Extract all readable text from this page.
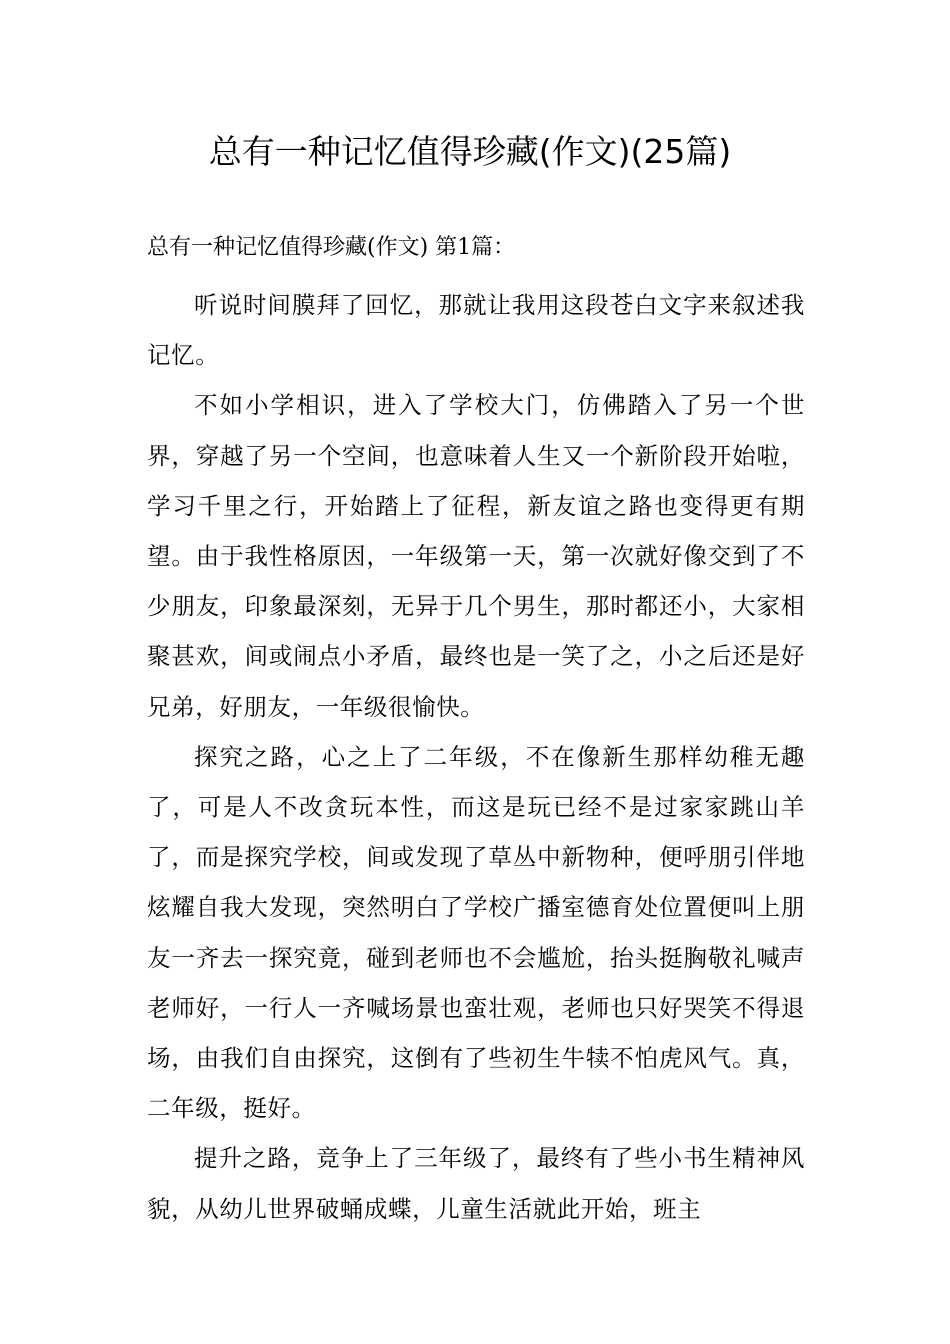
总有一种记忆值得珍藏(作文)(25篇)
总有一种记忆值得珍藏(作文) 第1篇：

听说时间膜拜了回忆，那就让我用这段苍白文字来叙述我记忆。

不如小学相识，进入了学校大门，仿佛踏入了另一个世界，穿越了另一个空间，也意味着人生又一个新阶段开始啦，学习千里之行，开始踏上了征程，新友谊之路也变得更有期望。由于我性格原因，一年级第一天，第一次就好像交到了不少朋友，印象最深刻，无异于几个男生，那时都还小，大家相聚甚欢，间或闹点小矛盾，最终也是一笑了之，小之后还是好兄弟，好朋友，一年级很愉快。

探究之路，心之上了二年级，不在像新生那样幼稚无趣了，可是人不改贪玩本性，而这是玩已经不是过家家跳山羊了，而是探究学校，间或发现了草丛中新物种，便呼朋引伴地炫耀自我大发现，突然明白了学校广播室德育处位置便叫上朋友一齐去一探究竟，碰到老师也不会尴尬，抬头挺胸敬礼喊声老师好，一行人一齐喊场景也蛮壮观，老师也只好哭笑不得退场，由我们自由探究，这倒有了些初生牛犊不怕虎风气。真，二年级，挺好。

提升之路，竞争上了三年级了，最终有了些小书生精神风貌，从幼儿世界破蛹成蝶，儿童生活就此开始，班主
